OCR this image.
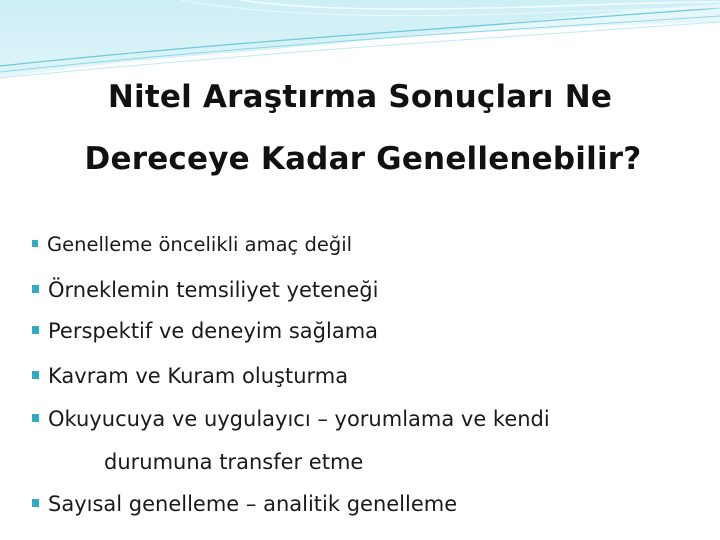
Nitel Araştırma Sonuçları Ne
Dereceye Kadar Genellenebilir?
Genelleme öncelikli amaç değil
Örneklemin temsiliyet yeteneği
Perspektif ve deneyim sağlama
Kavram ve Kuram oluşturma
Okuyucuya ve uygulayıcı – yorumlama ve kendi
durumuna transfer etme
Sayısal genelleme – analitik genelleme
